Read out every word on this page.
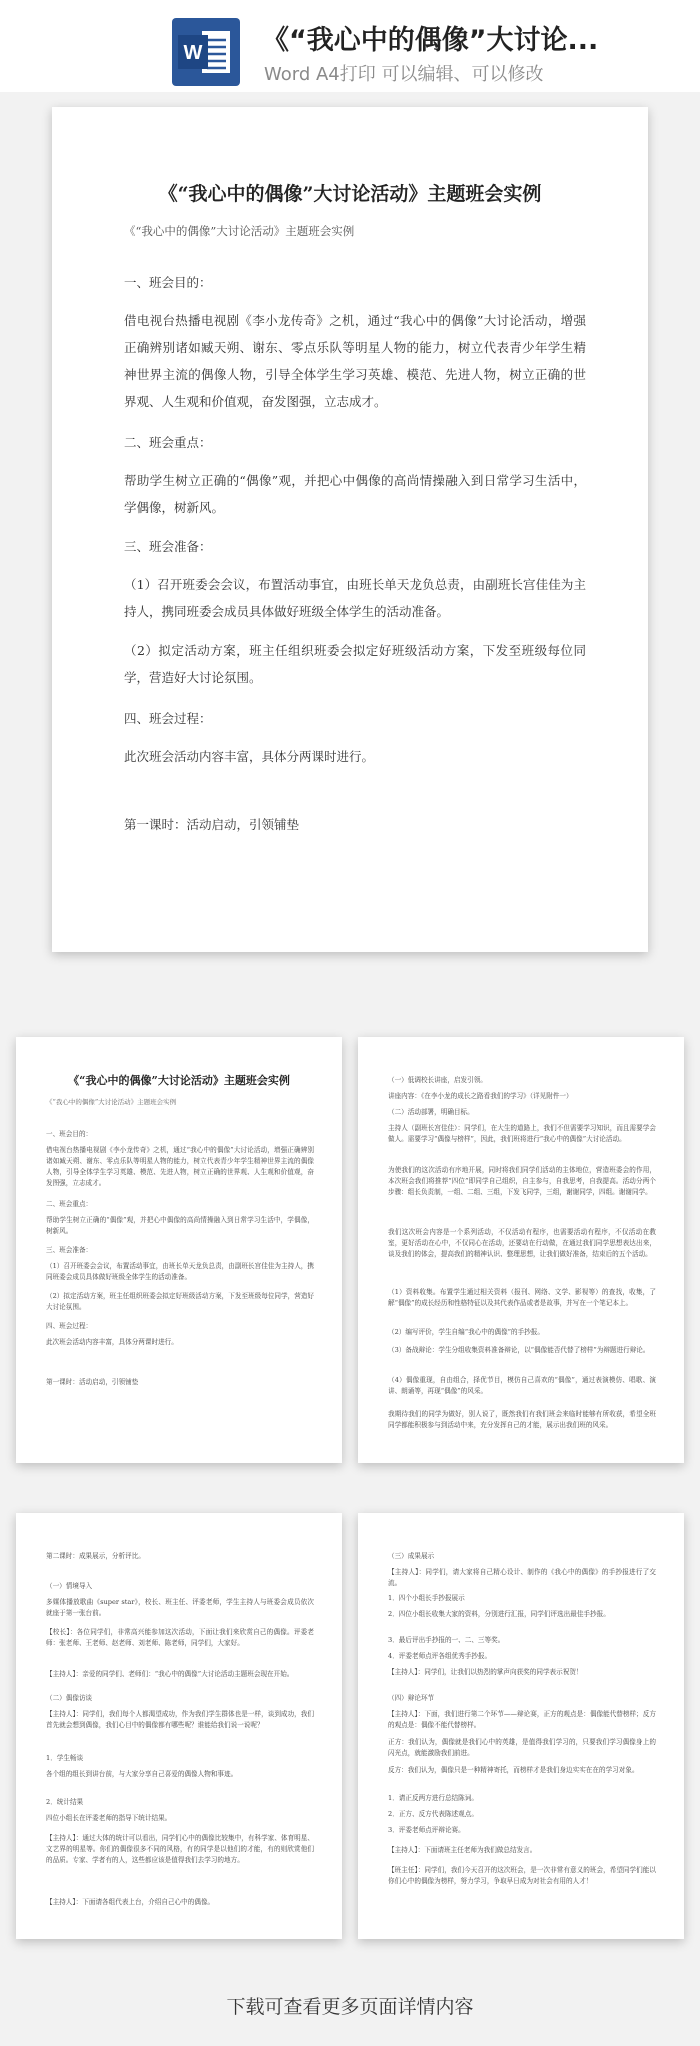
W 《“我心中的偶像”大讨论...
Word A4打印 可以编辑、可以修改
《“我心中的偶像”大讨论活动》主题班会实例
《“我心中的偶像”大讨论活动》主题班会实例
一、班会目的：
借电视台热播电视剧《李小龙传奇》之机，通过“我心中的偶像”大讨论活动，增强正确辨别诸如臧天朔、谢东、零点乐队等明星人物的能力，树立代表青少年学生精神世界主流的偶像人物，引导全体学生学习英雄、模范、先进人物，树立正确的世界观、人生观和价值观，奋发图强，立志成才。
二、班会重点：
帮助学生树立正确的“偶像”观，并把心中偶像的高尚情操融入到日常学习生活中，学偶像，树新风。
三、班会准备：
（1）召开班委会会议，布置活动事宜，由班长单天龙负总责，由副班长宫佳佳为主持人，携同班委会成员具体做好班级全体学生的活动准备。
（2）拟定活动方案，班主任组织班委会拟定好班级活动方案，下发至班级每位同学，营造好大讨论氛围。
四、班会过程：
此次班会活动内容丰富，具体分两课时进行。
第一课时：活动启动，引领铺垫
《“我心中的偶像”大讨论活动》主题班会实例
《“我心中的偶像”大讨论活动》主题班会实例
一、班会目的：
借电视台热播电视剧《李小龙传奇》之机，通过“我心中的偶像”大讨论活动，增强正确辨别诸如臧天朔、谢东、零点乐队等明星人物的能力，树立代表青少年学生精神世界主流的偶像人物，引导全体学生学习英雄、模范、先进人物，树立正确的世界观、人生观和价值观，奋发图强，立志成才。
二、班会重点：
帮助学生树立正确的“偶像”观，并把心中偶像的高尚情操融入到日常学习生活中，学偶像，树新风。
三、班会准备：
（1）召开班委会会议，布置活动事宜，由班长单天龙负总责，由副班长宫佳佳为主持人，携同班委会成员具体做好班级全体学生的活动准备。
（2）拟定活动方案，班主任组织班委会拟定好班级活动方案，下发至班级每位同学，营造好大讨论氛围。
四、班会过程：
此次班会活动内容丰富，具体分两课时进行。
第一课时：活动启动，引领铺垫
（一）低调校长讲座，启发引领。
讲座内容：《在李小龙的成长之路看我们的学习》（详见附件一）
（二）活动部署，明确目标。
主持人（副班长宫佳佳）：同学们，在大生的道路上，我们不但需要学习知识，而且需要学会做人。需要学习“偶像与榜样”，因此，我们班将进行“我心中的偶像”大讨论活动。
为使我们的这次活动有序地开展，同时将我们同学们活动的主体地位，营造班委会的作用，本次班会我们将推荐“四位”即同学自己组织，自主参与，自我思考，自我提高。活动分两个步骤：组长负责制，一组、二组、三组，下发飞同学，三组，谢谢同学，四组。谢谢同学。
我们这次班会内容是一个系列活动，不仅活动有程序，也需要活动有程序，不仅活动在教室，更好活动在心中，不仅同心在活动，还要动在行动做，在通过我们同学思想表达出来，谈及我们的体会，提高我们的精神认识、整理思想，让我们做好准备，结束后的五个活动。
（1）资料收集。布置学生通过相关资料（报刊、网络、文学、影视等）的查找，收集，了解“偶像”的成长经历和性格特征以及其代表作品或者是故事，并写在一个笔记本上。
（2）编写评价，学生自编“我心中的偶像”的手抄报。
（3）备战辩论：学生分组收集资料准备辩论，以“偶像能否代替了榜样”为辩题进行辩论。
（4）偶像重现，自由组合，择优节目，模仿自己喜欢的“偶像”，通过表演模仿、唱歌、演讲、朗诵等，再现“偶像”的风采。
我期待我们的同学为做好，别人说了，既然我们有我们班会来临时能够有所收获，希望全班同学都能积极参与到活动中来，充分发挥自己的才能，展示出我们班的风采。
第二课时：成果展示，分析评比。
（一）情境导入
多媒体播放歌曲《super star》，校长、班主任、评委老师，学生主持人与班委会成员依次就座于第一张台前。
【校长】：各位同学们，非常高兴能参加这次活动，下面让我们来欣赏自己的偶像。评委老师：张老师、王老师、赵老师、刘老师、陈老师，同学们，大家好。
【主持人】：亲爱的同学们、老师们：“我心中的偶像”大讨论活动主题班会现在开始。
（二）偶像访谈
【主持人】：同学们，我们每个人都渴望成功，作为我们学生群体也是一样，谈到成功，我们首先就会想到偶像，我们心目中的偶像都有哪些呢？谁能给我们说一说呢？
1．学生畅谈
各个组的组长到讲台前，与大家分享自己喜爱的偶像人物和事迹。
2．统计结果
四位小组长在评委老师的指导下统计结果。
【主持人】：通过大体的统计可以看出，同学们心中的偶像比较集中，有科学家、体育明星、文艺界的明星等。你们的偶像很多不同的风格，有的同学是以他们的才能，有的则欣赏他们的品质。专家、学者有的人，这些都应该是值得我们去学习的地方。
【主持人】：下面请各组代表上台，介绍自己心中的偶像。
（三）成果展示
【主持人】：同学们，请大家将自己精心设计、制作的《我心中的偶像》的手抄报进行了交流。
1．四个小组长手抄报展示
2．四位小组长收集大家的资料，分别进行汇报，同学们评选出最佳手抄报。
3．最后评出手抄报的一、二、三等奖。
4．评委老师点评各组优秀手抄报。
【主持人】：同学们，让我们以热烈的掌声向获奖的同学表示祝贺！
（四）辩论环节
【主持人】：下面，我们进行第二个环节——辩论赛，正方的观点是：偶像能代替榜样；反方的观点是：偶像不能代替榜样。
正方：我们认为，偶像就是我们心中的英雄，是值得我们学习的，只要我们学习偶像身上的闪光点，就能激励我们前进。
反方：我们认为，偶像只是一种精神寄托，而榜样才是我们身边实实在在的学习对象。
1．请正反两方进行总结陈词。
2．正方、反方代表陈述观点。
3．评委老师点评辩论赛。
【主持人】：下面请班主任老师为我们做总结发言。
【班主任】：同学们，我们今天召开的这次班会，是一次非常有意义的班会，希望同学们能以你们心中的偶像为榜样，努力学习，争取早日成为对社会有用的人才！
下载可查看更多页面详情内容
